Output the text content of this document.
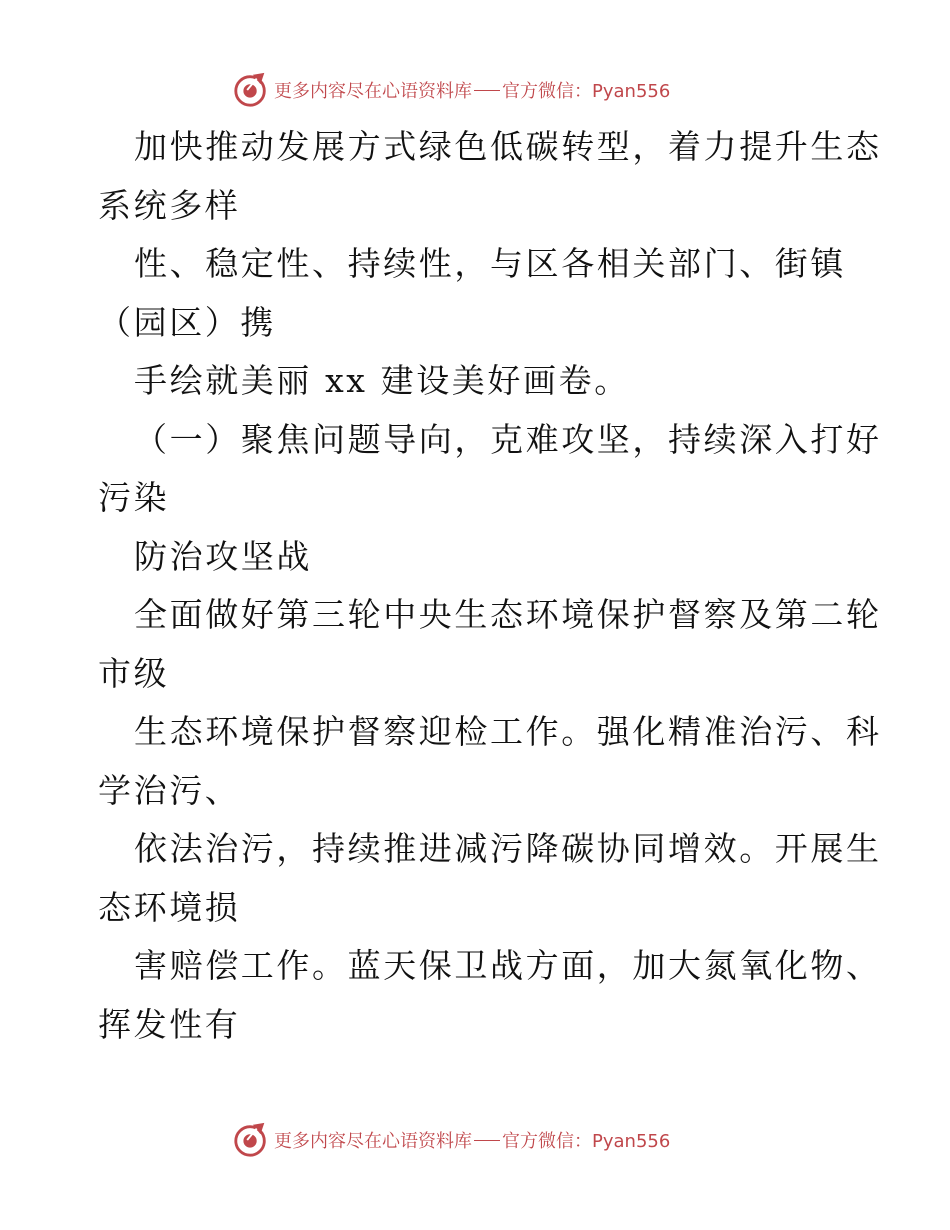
更多内容尽在心语资料库 官方微信：Pyan556
加快推动发展方式绿色低碳转型，着力提升生态
系统多样
性、稳定性、持续性，与区各相关部门、街镇
（园区）携
手绘就美丽 xx 建设美好画卷。
（一）聚焦问题导向，克难攻坚，持续深入打好
污染
防治攻坚战
全面做好第三轮中央生态环境保护督察及第二轮
市级
生态环境保护督察迎检工作。强化精准治污、科
学治污、
依法治污，持续推进减污降碳协同增效。开展生
态环境损
害赔偿工作。蓝天保卫战方面，加大氮氧化物、
挥发性有
更多内容尽在心语资料库 官方微信：Pyan556
